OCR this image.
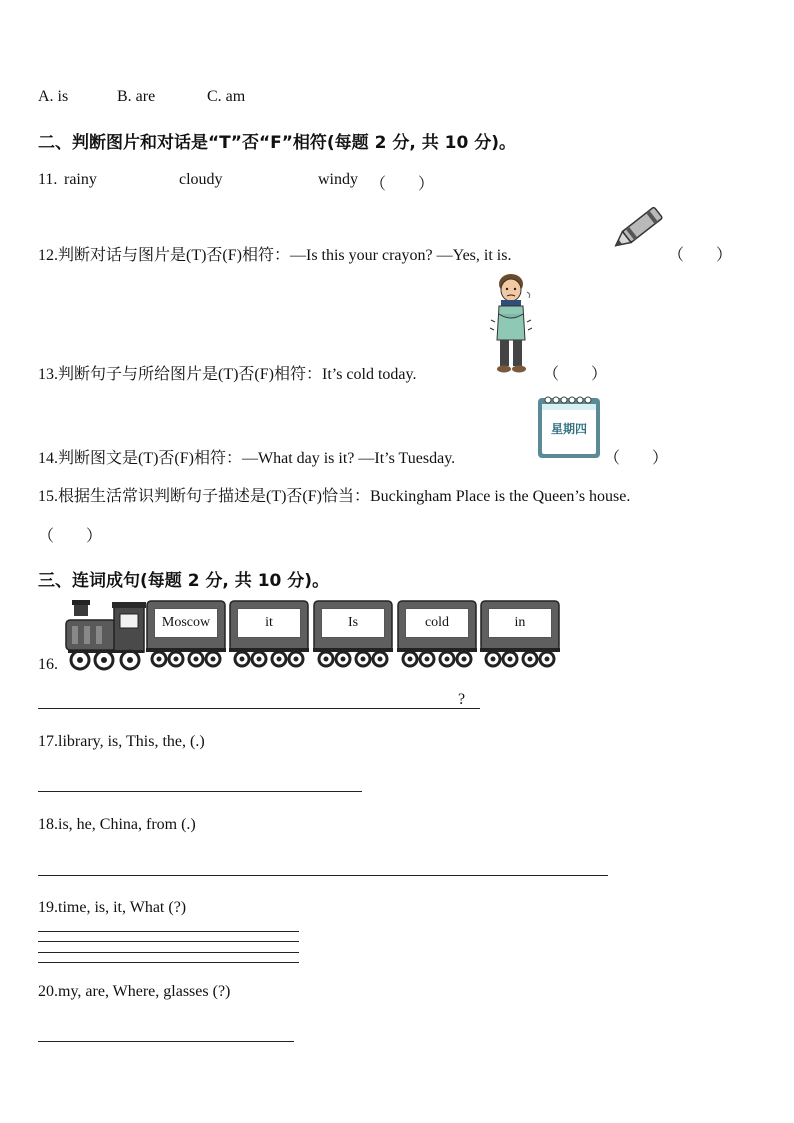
A. is	B. are	C. am
二、判断图片和对话是“T”否“F”相符(每题 2 分, 共 10 分)。
11. rainy	cloudy	windy （　　）
12.判断对话与图片是(T)否(F)相符：—Is this your crayon? —Yes, it is.	（　　）
13.判断句子与所给图片是(T)否(F)相符：It’s cold today.	（　　）
14.判断图文是(T)否(F)相符：—What day is it? —It’s Tuesday.
星期四
（　　）
15.根据生活常识判断句子描述是(T)否(F)恰当：Buckingham Place is the Queen’s house.
（　　）
三、连词成句(每题 2 分, 共 10 分)。
16.
Moscow	it	Is	cold	in
?
17.library, is, This, the, (.)
18.is, he, China, from (.)
19.time, is, it, What (?)
20.my, are, Where, glasses (?)
